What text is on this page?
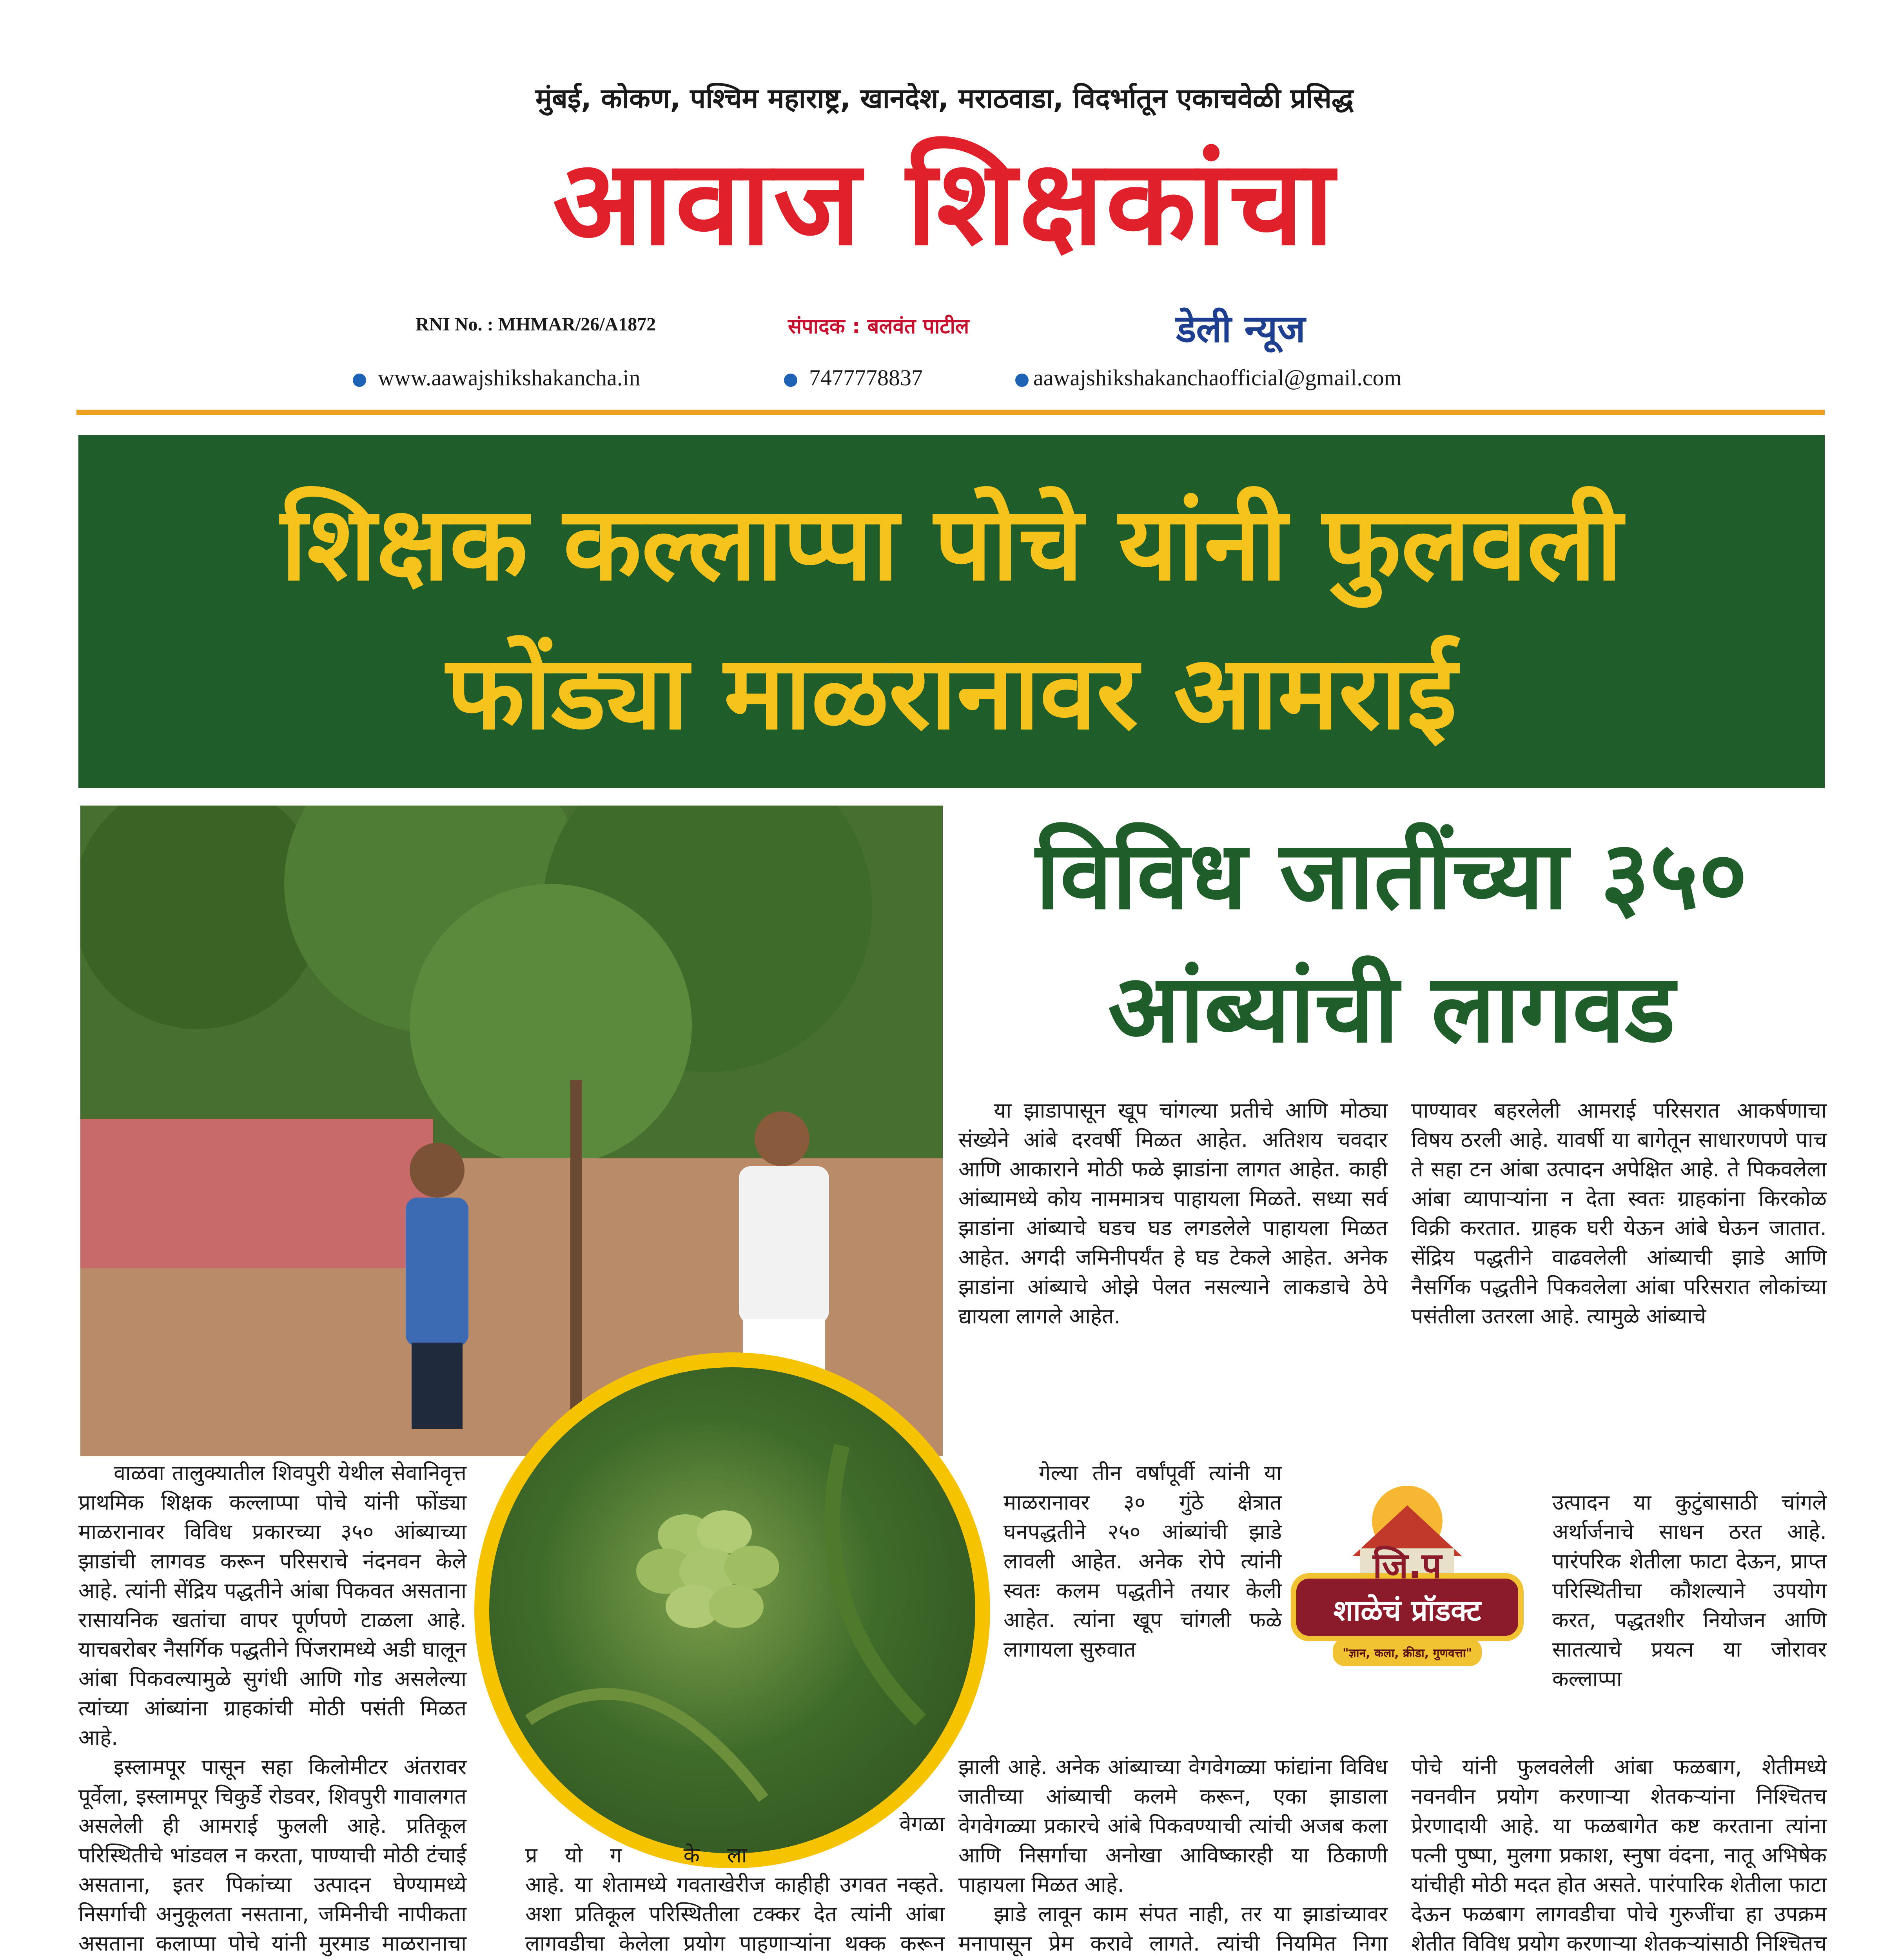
मुंबई, कोकण, पश्चिम महाराष्ट्र, खानदेश, मराठवाडा, विदर्भातून एकाचवेळी प्रसिद्ध
आवाज शिक्षकांचा
RNI No. : MHMAR/26/A1872	संपादक : बलवंत पाटील	डेली न्यूज
www.aawajshikshakancha.in	7477778837	aawajshikshakanchaofficial@gmail.com
शिक्षक कल्लाप्पा पोचे यांनी फुलवली
फोंड्या माळरानावर आमराई
विविध जातींच्या ३५०
आंब्यांची लागवड

वाळवा तालुक्यातील शिवपुरी येथील सेवानिवृत्त प्राथमिक शिक्षक कल्लाप्पा पोचे यांनी फोंड्या माळरानावर विविध प्रकारच्या ३५० आंब्याच्या झाडांची लागवड करून परिसराचे नंदनवन केले आहे. त्यांनी सेंद्रिय पद्धतीने आंबा पिकवत असताना रासायनिक खतांचा वापर पूर्णपणे टाळला आहे. याचबरोबर नैसर्गिक पद्धतीने पिंजरामध्ये अडी घालून आंबा पिकवल्यामुळे सुगंधी आणि गोड असलेल्या त्यांच्या आंब्यांना ग्राहकांची मोठी पसंती मिळत आहे.

इस्लामपूर पासून सहा किलोमीटर अंतरावर पूर्वेला, इस्लामपूर चिकुर्डे रोडवर, शिवपुरी गावालगत असलेली ही आमराई फुलली आहे. प्रतिकूल परिस्थितीचे भांडवल न करता, पाण्याची मोठी टंचाई असताना, इतर पिकांच्या उत्पादन घेण्यामध्ये निसर्गाची अनुकूलता नसताना, जमिनीची नापीकता असताना कलाप्पा पोचे यांनी मुरमाड माळरानाचा

वेगळा
प्रयोग केला

आहे. या शेतामध्ये गवताखेरीज काहीही उगवत नव्हते. अशा प्रतिकूल परिस्थितीला टक्कर देत त्यांनी आंबा लागवडीचा केलेला प्रयोग पाहणाऱ्यांना थक्क करून

या झाडापासून खूप चांगल्या प्रतीचे आणि मोठ्या संख्येने आंबे दरवर्षी मिळत आहेत. अतिशय चवदार आणि आकाराने मोठी फळे झाडांना लागत आहेत. काही आंब्यामध्ये कोय नाममात्रच पाहायला मिळते. सध्या सर्व झाडांना आंब्याचे घडच घड लगडलेले पाहायला मिळत आहेत. अगदी जमिनीपर्यंत हे घड टेकले आहेत. अनेक झाडांना आंब्याचे ओझे पेलत नसल्याने लाकडाचे ठेपे द्यायला लागले आहेत.

गेल्या तीन वर्षांपूर्वी त्यांनी या माळरानावर ३० गुंठे क्षेत्रात घनपद्धतीने २५० आंब्यांची झाडे लावली आहेत. अनेक रोपे त्यांनी स्वतः कलम पद्धतीने तयार केली आहेत. त्यांना खूप चांगली फळे लागायला सुरुवात

झाली आहे. अनेक आंब्याच्या वेगवेगळ्या फांद्यांना विविध जातीच्या आंब्याची कलमे करून, एका झाडाला वेगवेगळ्या प्रकारचे आंबे पिकवण्याची त्यांची अजब कला आणि निसर्गाचा अनोखा आविष्कारही या ठिकाणी पाहायला मिळत आहे.

झाडे लावून काम संपत नाही, तर या झाडांच्यावर मनापासून प्रेम करावे लागते. त्यांची नियमित निगा

पाण्यावर बहरलेली आमराई परिसरात आकर्षणाचा विषय ठरली आहे. यावर्षी या बागेतून साधारणपणे पाच ते सहा टन आंबा उत्पादन अपेक्षित आहे. ते पिकवलेला आंबा व्यापाऱ्यांना न देता स्वतः ग्राहकांना किरकोळ विक्री करतात. ग्राहक घरी येऊन आंबे घेऊन जातात. सेंद्रिय पद्धतीने वाढवलेली आंब्याची झाडे आणि नैसर्गिक पद्धतीने पिकवलेला आंबा परिसरात लोकांच्या पसंतीला उतरला आहे. त्यामुळे आंब्याचे

उत्पादन या कुटुंबासाठी चांगले अर्थार्जनाचे साधन ठरत आहे. पारंपरिक शेतीला फाटा देऊन, प्राप्त परिस्थितीचा कौशल्याने उपयोग करत, पद्धतशीर नियोजन आणि सातत्याचे प्रयत्न या जोरावर कल्लाप्पा

पोचे यांनी फुलवलेली आंबा फळबाग, शेतीमध्ये नवनवीन प्रयोग करणाऱ्या शेतकऱ्यांना निश्चितच प्रेरणादायी आहे. या फळबागेत कष्ट करताना त्यांना पत्नी पुष्पा, मुलगा प्रकाश, स्नुषा वंदना, नातू अभिषेक यांचीही मोठी मदत होत असते. पारंपारिक शेतीला फाटा देऊन फळबाग लागवडीचा पोचे गुरुजींचा हा उपक्रम शेतीत विविध प्रयोग करणाऱ्या शेतकऱ्यांसाठी निश्चितच

जि.प
शाळेचं प्रॉडक्ट
"ज्ञान, कला, क्रीडा, गुणवत्ता"
